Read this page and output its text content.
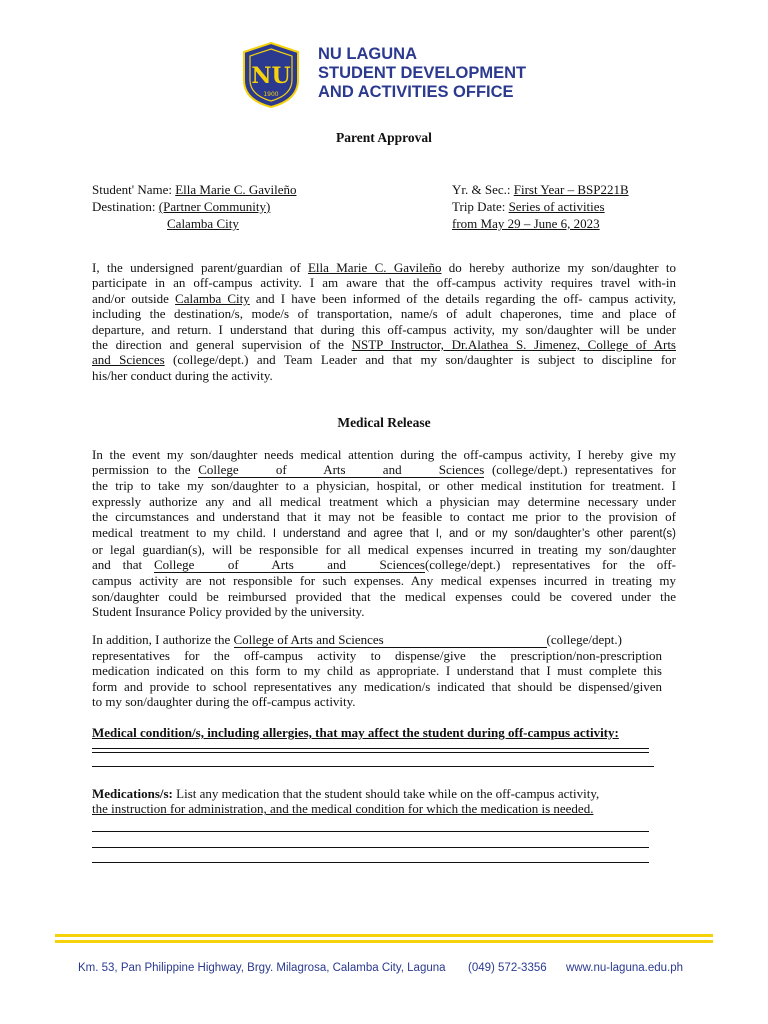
NU
1900
NU LAGUNA
STUDENT DEVELOPMENT
AND ACTIVITIES OFFICE
Parent Approval
Student' Name: Ella Marie C. Gavileño
Destination: (Partner Community)
Calamba City
Yr. & Sec.: First Year – BSP221B
Trip Date: Series of activities
from May 29 – June 6, 2023
I, the undersigned parent/guardian of Ella Marie C. Gavileño do hereby authorize my son/daughter to
participate in an off-campus activity. I am aware that the off-campus activity requires travel with-in
and/or outside Calamba City and I have been informed of the details regarding the off- campus activity,
including the destination/s, mode/s of transportation, name/s of adult chaperones, time and place of
departure, and return. I understand that during this off-campus activity, my son/daughter will be under
the direction and general supervision of the NSTP Instructor, Dr.Alathea S. Jimenez, College of Arts
and Sciences (college/dept.) and Team Leader and that my son/daughter is subject to discipline for
his/her conduct during the activity.
Medical Release
In the event my son/daughter needs medical attention during the off-campus activity, I hereby give my
permission to the College of Arts and Sciences (college/dept.) representatives for
the trip to take my son/daughter to a physician, hospital, or other medical institution for treatment. I
expressly authorize any and all medical treatment which a physician may determine necessary under
the circumstances and understand that it may not be feasible to contact me prior to the provision of
medical treatment to my child. I understand and agree that I, and or my son/daughter’s other parent(s)
or legal guardian(s), will be responsible for all medical expenses incurred in treating my son/daughter
and that College of Arts and Sciences(college/dept.) representatives for the off-
campus activity are not responsible for such expenses. Any medical expenses incurred in treating my
son/daughter could be reimbursed provided that the medical expenses could be covered under the
Student Insurance Policy provided by the university.
In addition, I authorize the College of Arts and Sciences	(college/dept.)
representatives for the off-campus activity to dispense/give the prescription/non-prescription
medication indicated on this form to my child as appropriate. I understand that I must complete this
form and provide to school representatives any medication/s indicated that should be dispensed/given
to my son/daughter during the off-campus activity.
Medical condition/s, including allergies, that may affect the student during off-campus activity:
Medications/s: List any medication that the student should take while on the off-campus activity,
the instruction for administration, and the medical condition for which the medication is needed.
Km. 53, Pan Philippine Highway, Brgy. Milagrosa, Calamba City, Laguna (049) 572-3356 www.nu-laguna.edu.ph
